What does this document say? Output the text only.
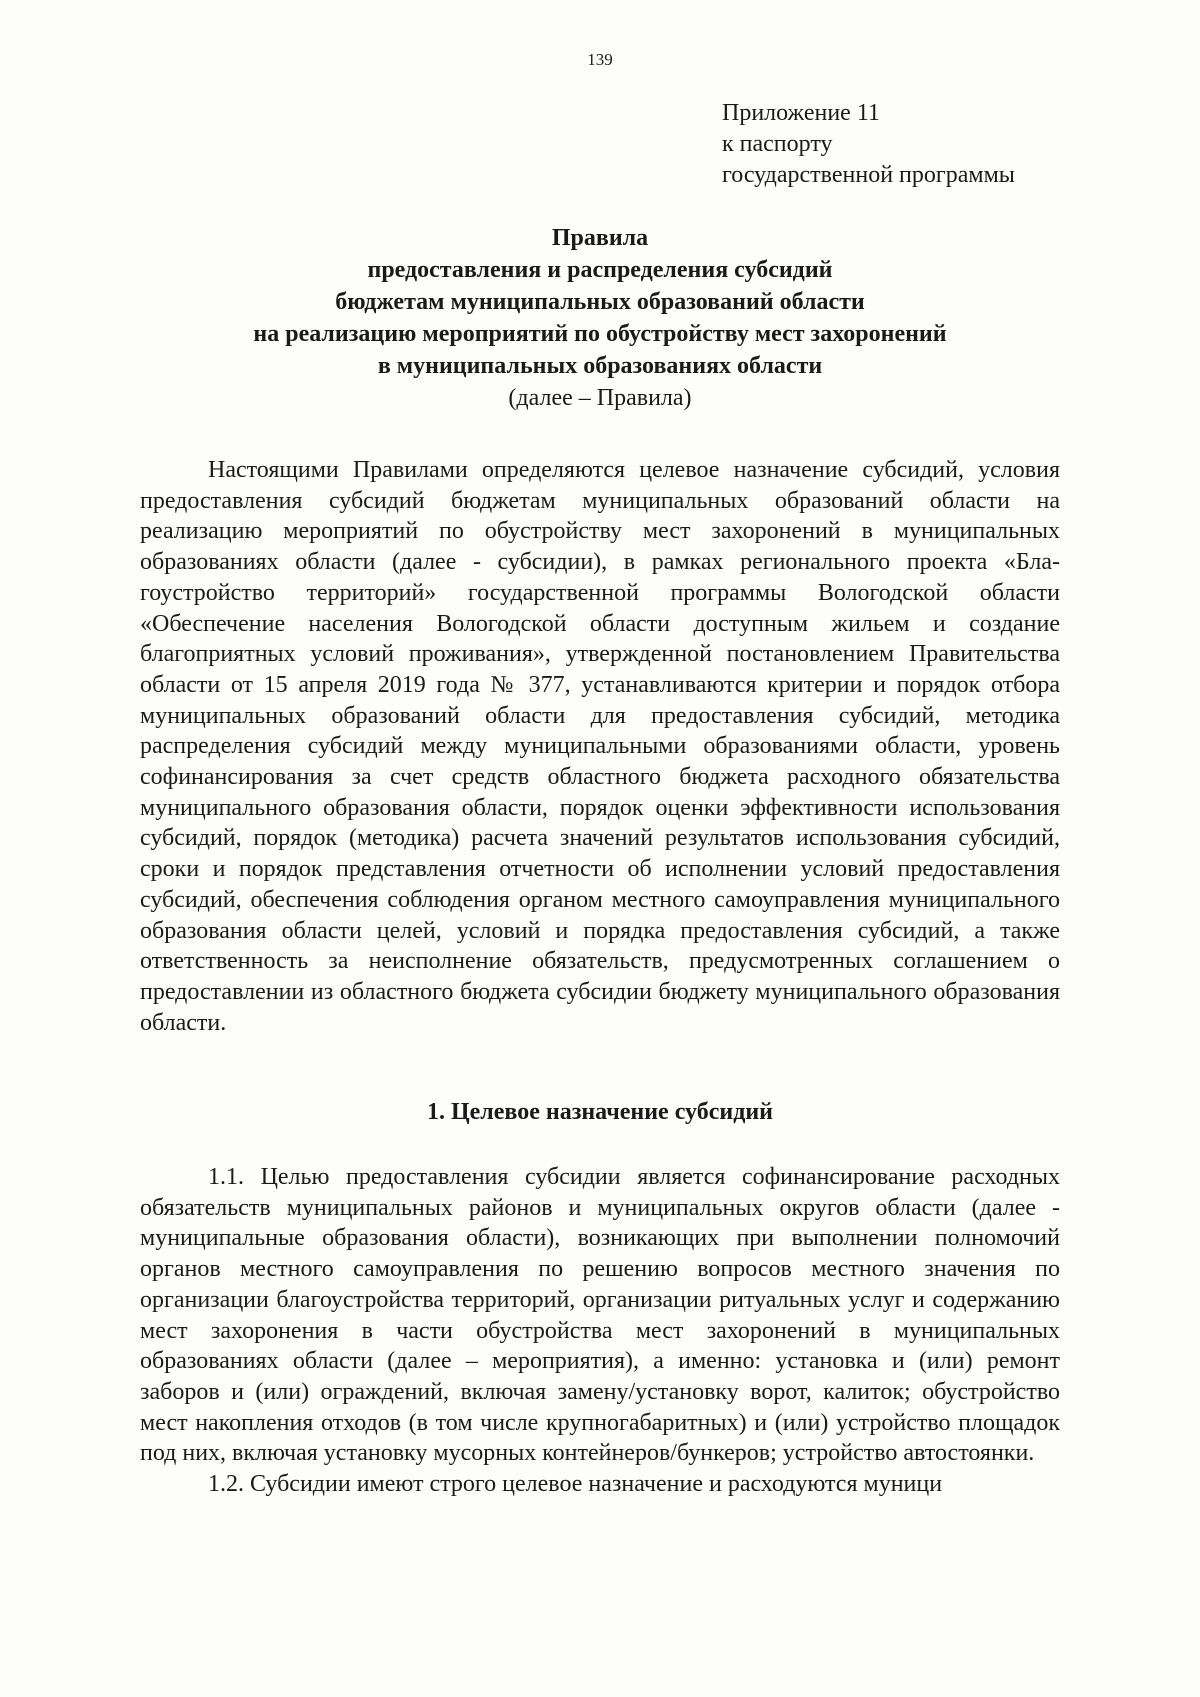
139
Приложение 11
к паспорту
государственной программы
Правила
предоставления и распределения субсидий
бюджетам муниципальных образований области
на реализацию мероприятий по обустройству мест захоронений
в муниципальных образованиях области
(далее – Правила)

Настоящими Правилами определяются целевое назначение субсидий, условия предоставления субсидий бюджетам муниципальных образований области на реализацию мероприятий по обустройству мест захоронений в муниципальных образованиях области (далее - субсидии), в рамках регионального проекта «Благоустройство территорий» государственной программы Вологодской области «Обеспечение населения Вологодской области доступным жильем и создание благоприятных условий проживания», утвержденной постановлением Правительства области от 15 апреля 2019 года № 377, устанавливаются критерии и порядок отбора муниципальных образований области для предоставления субсидий, методика распределения субсидий между муниципальными образованиями области, уровень софинансирования за счет средств областного бюджета расходного обязательства муниципального образования области, порядок оценки эффективности использования субсидий, порядок (методика) расчета значений результатов использования субсидий, сроки и порядок представления отчетности об исполнении условий предоставления субсидий, обеспечения соблюдения органом местного самоуправления муниципального образования области целей, условий и порядка предоставления субсидий, а также ответственность за неисполнение обязательств, предусмотренных соглашением о предоставлении из областного бюджета субсидии бюджету муниципального образования области.

1. Целевое назначение субсидий

1.1. Целью предоставления субсидии является софинансирование расходных обязательств муниципальных районов и муниципальных округов области (далее - муниципальные образования области), возникающих при выполнении полномочий органов местного самоуправления по решению вопросов местного значения по организации благоустройства территорий, организации ритуальных услуг и содержанию мест захоронения в части обустройства мест захоронений в муниципальных образованиях области (далее – мероприятия), а именно: установка и (или) ремонт заборов и (или) ограждений, включая замену/установку ворот, калиток; обустройство мест накопления отходов (в том числе крупногабаритных) и (или) устройство площадок под них, включая установку мусорных контейнеров/бункеров; устройство автостоянки.

1.2. Субсидии имеют строго целевое назначение и расходуются муници
